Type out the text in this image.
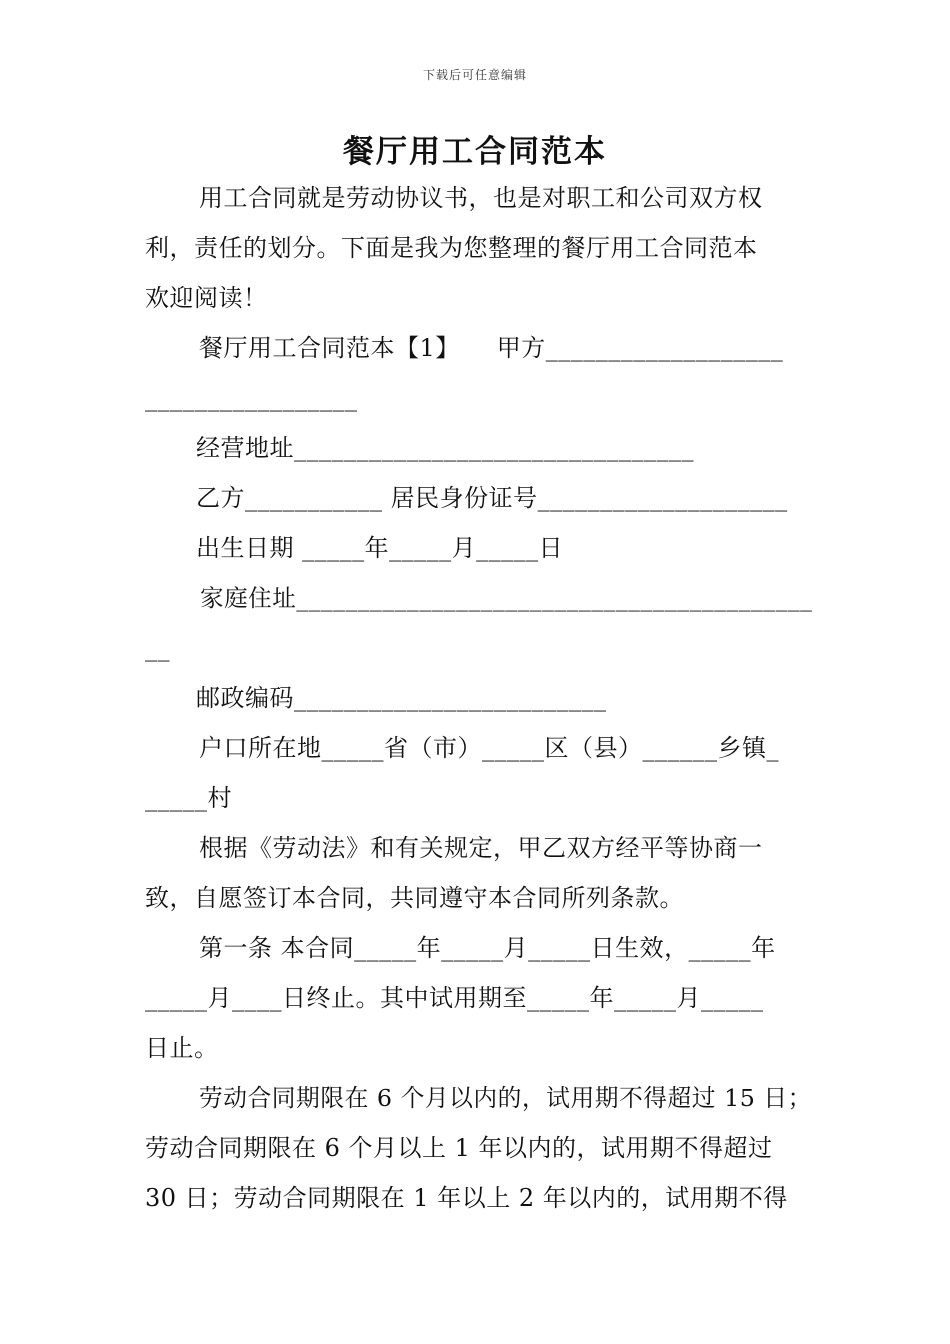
下载后可任意编辑
餐厅用工合同范本
用工合同就是劳动协议书，也是对职工和公司双方权
利，责任的划分。下面是我为您整理的餐厅用工合同范本
欢迎阅读！
餐厅用工合同范本【1】　　甲方___________________
_________________
经营地址________________________________
乙方___________ 居民身份证号____________________
出生日期 _____年_____月_____日
家庭住址__________________________________________
__
邮政编码_________________________
户口所在地_____省（市）_____区（县）______乡镇_
_____村
根据《劳动法》和有关规定，甲乙双方经平等协商一
致，自愿签订本合同，共同遵守本合同所列条款。
第一条 本合同_____年_____月_____日生效，_____年
_____月____日终止。其中试用期至_____年_____月_____
日止。
劳动合同期限在 6 个月以内的，试用期不得超过 15 日；
劳动合同期限在 6 个月以上 1 年以内的，试用期不得超过
30 日；劳动合同期限在 1 年以上 2 年以内的，试用期不得
